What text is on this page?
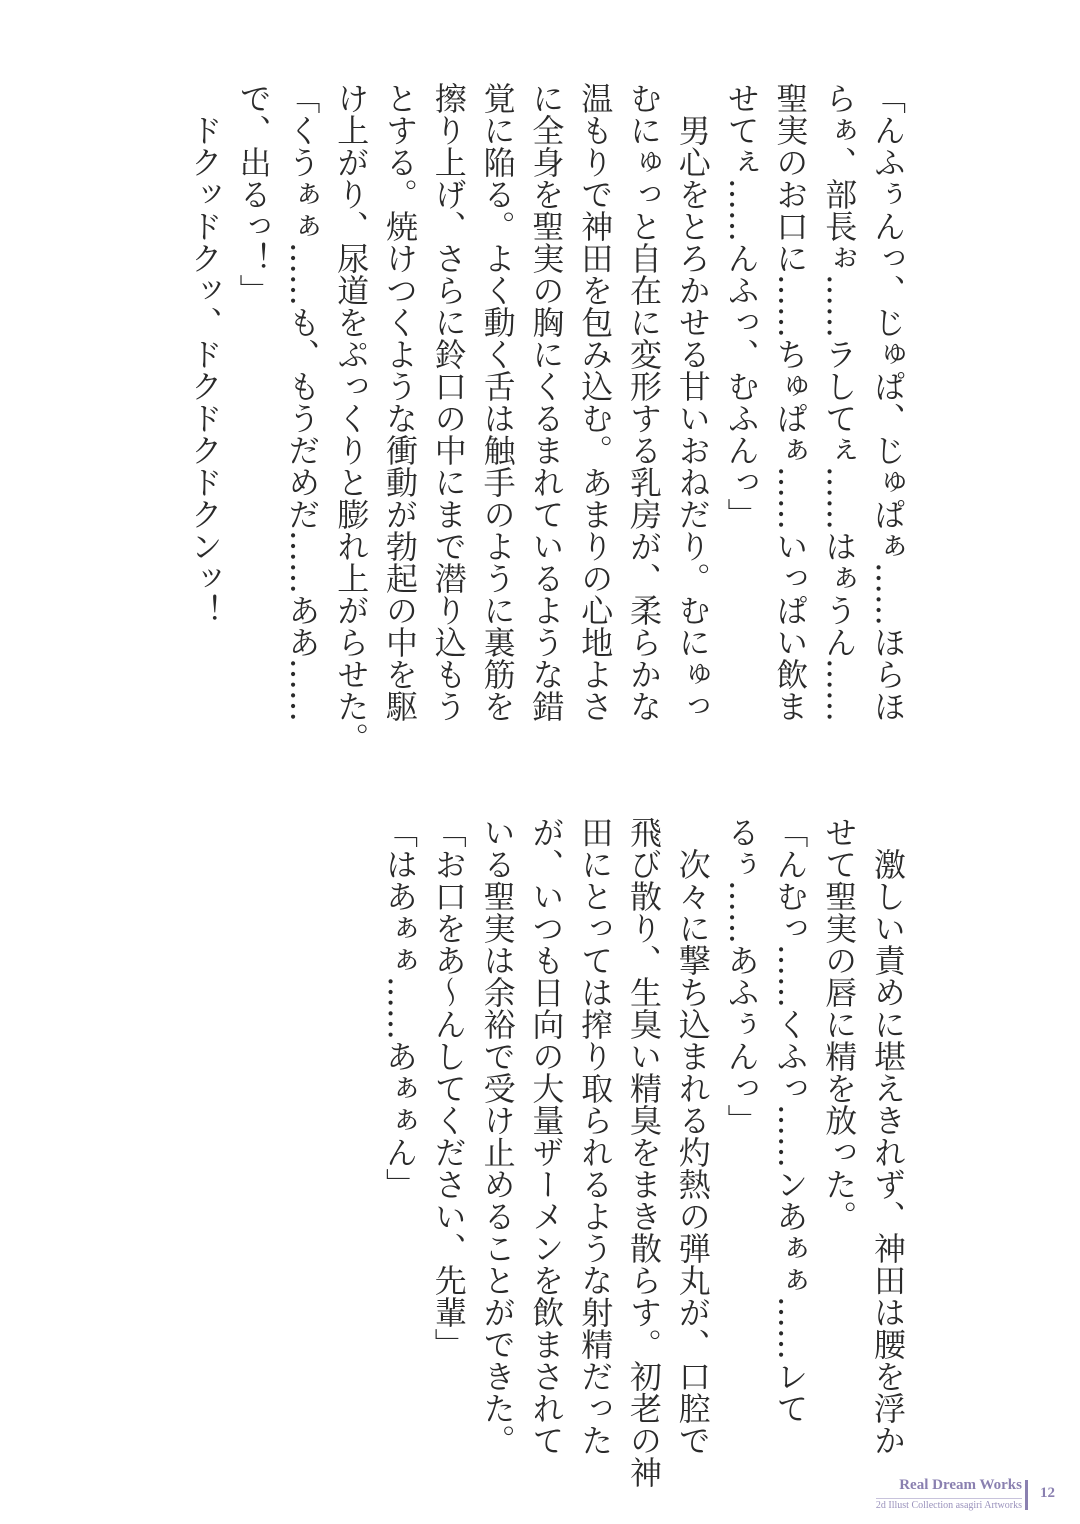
「んふぅんっ、じゅぱ、じゅぱぁ……ほらほ
らぁ、部長ぉ……ラしてぇ……はぁうん……
聖実のお口に……ちゅぱぁ……いっぱい飲ま
せてぇ……んふっ、むふんっ」
　男心をとろかせる甘いおねだり。むにゅっ
むにゅっと自在に変形する乳房が、柔らかな
温もりで神田を包み込む。あまりの心地よさ
に全身を聖実の胸にくるまれているような錯
覚に陥る。よく動く舌は触手のように裏筋を
擦り上げ、さらに鈴口の中にまで潜り込もう
とする。焼けつくような衝動が勃起の中を駆
け上がり、尿道をぷっくりと膨れ上がらせた。
「くうぁぁ……も、もうだめだ……ああ……
で、出るっ！」
　ドクッドクッ、ドクドクドクンッ！
　激しい責めに堪えきれず、神田は腰を浮か
せて聖実の唇に精を放った。
「んむっ……くふっ……ンあぁぁ……レて
るぅ……あふぅんっ」
　次々に撃ち込まれる灼熱の弾丸が、口腔で
飛び散り、生臭い精臭をまき散らす。初老の神
田にとっては搾り取られるような射精だった
が、いつも日向の大量ザーメンを飲まされて
いる聖実は余裕で受け止めることができた。
「お口をあ～んしてください、先輩」
「はあぁぁ……あぁぁん」
Real Dream Works
2d Illust Collection asagiri Artworks
12
